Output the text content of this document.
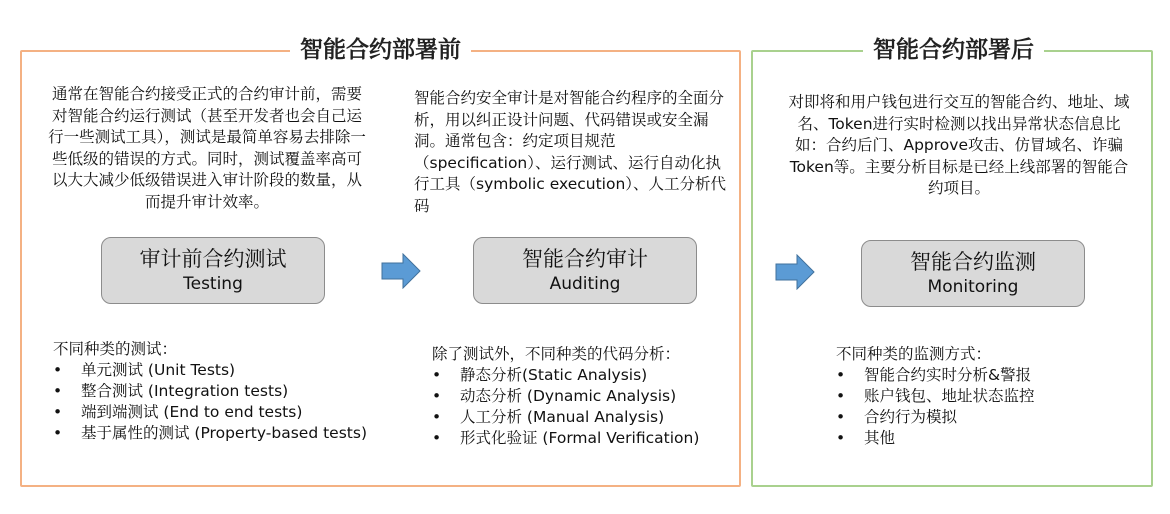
智能合约部署前	智能合约部署后
通常在智能合约接受正式的合约审计前，需要对智能合约运行测试（甚至开发者也会自己运行一些测试工具），测试是最简单容易去排除一些低级的错误的方式。同时，测试覆盖率高可以大大减少低级错误进入审计阶段的数量，从而提升审计效率。
审计前合约测试
Testing
不同种类的测试：
• 单元测试 (Unit Tests)
• 整合测试 (Integration tests)
• 端到端测试 (End to end tests)
• 基于属性的测试 (Property-based tests)
智能合约安全审计是对智能合约程序的全面分析，用以纠正设计问题、代码错误或安全漏洞。通常包含：约定项目规范（specification）、运行测试、运行自动化执行工具（symbolic execution）、人工分析代码
智能合约审计
Auditing
除了测试外，不同种类的代码分析：
• 静态分析(Static Analysis)
• 动态分析 (Dynamic Analysis)
• 人工分析 (Manual Analysis)
• 形式化验证 (Formal Verification)
对即将和用户钱包进行交互的智能合约、地址、域名、Token进行实时检测以找出异常状态信息比如：合约后门、Approve攻击、仿冒域名、诈骗Token等。主要分析目标是已经上线部署的智能合约项目。
智能合约监测
Monitoring
不同种类的监测方式：
• 智能合约实时分析&警报
• 账户钱包、地址状态监控
• 合约行为模拟
• 其他
